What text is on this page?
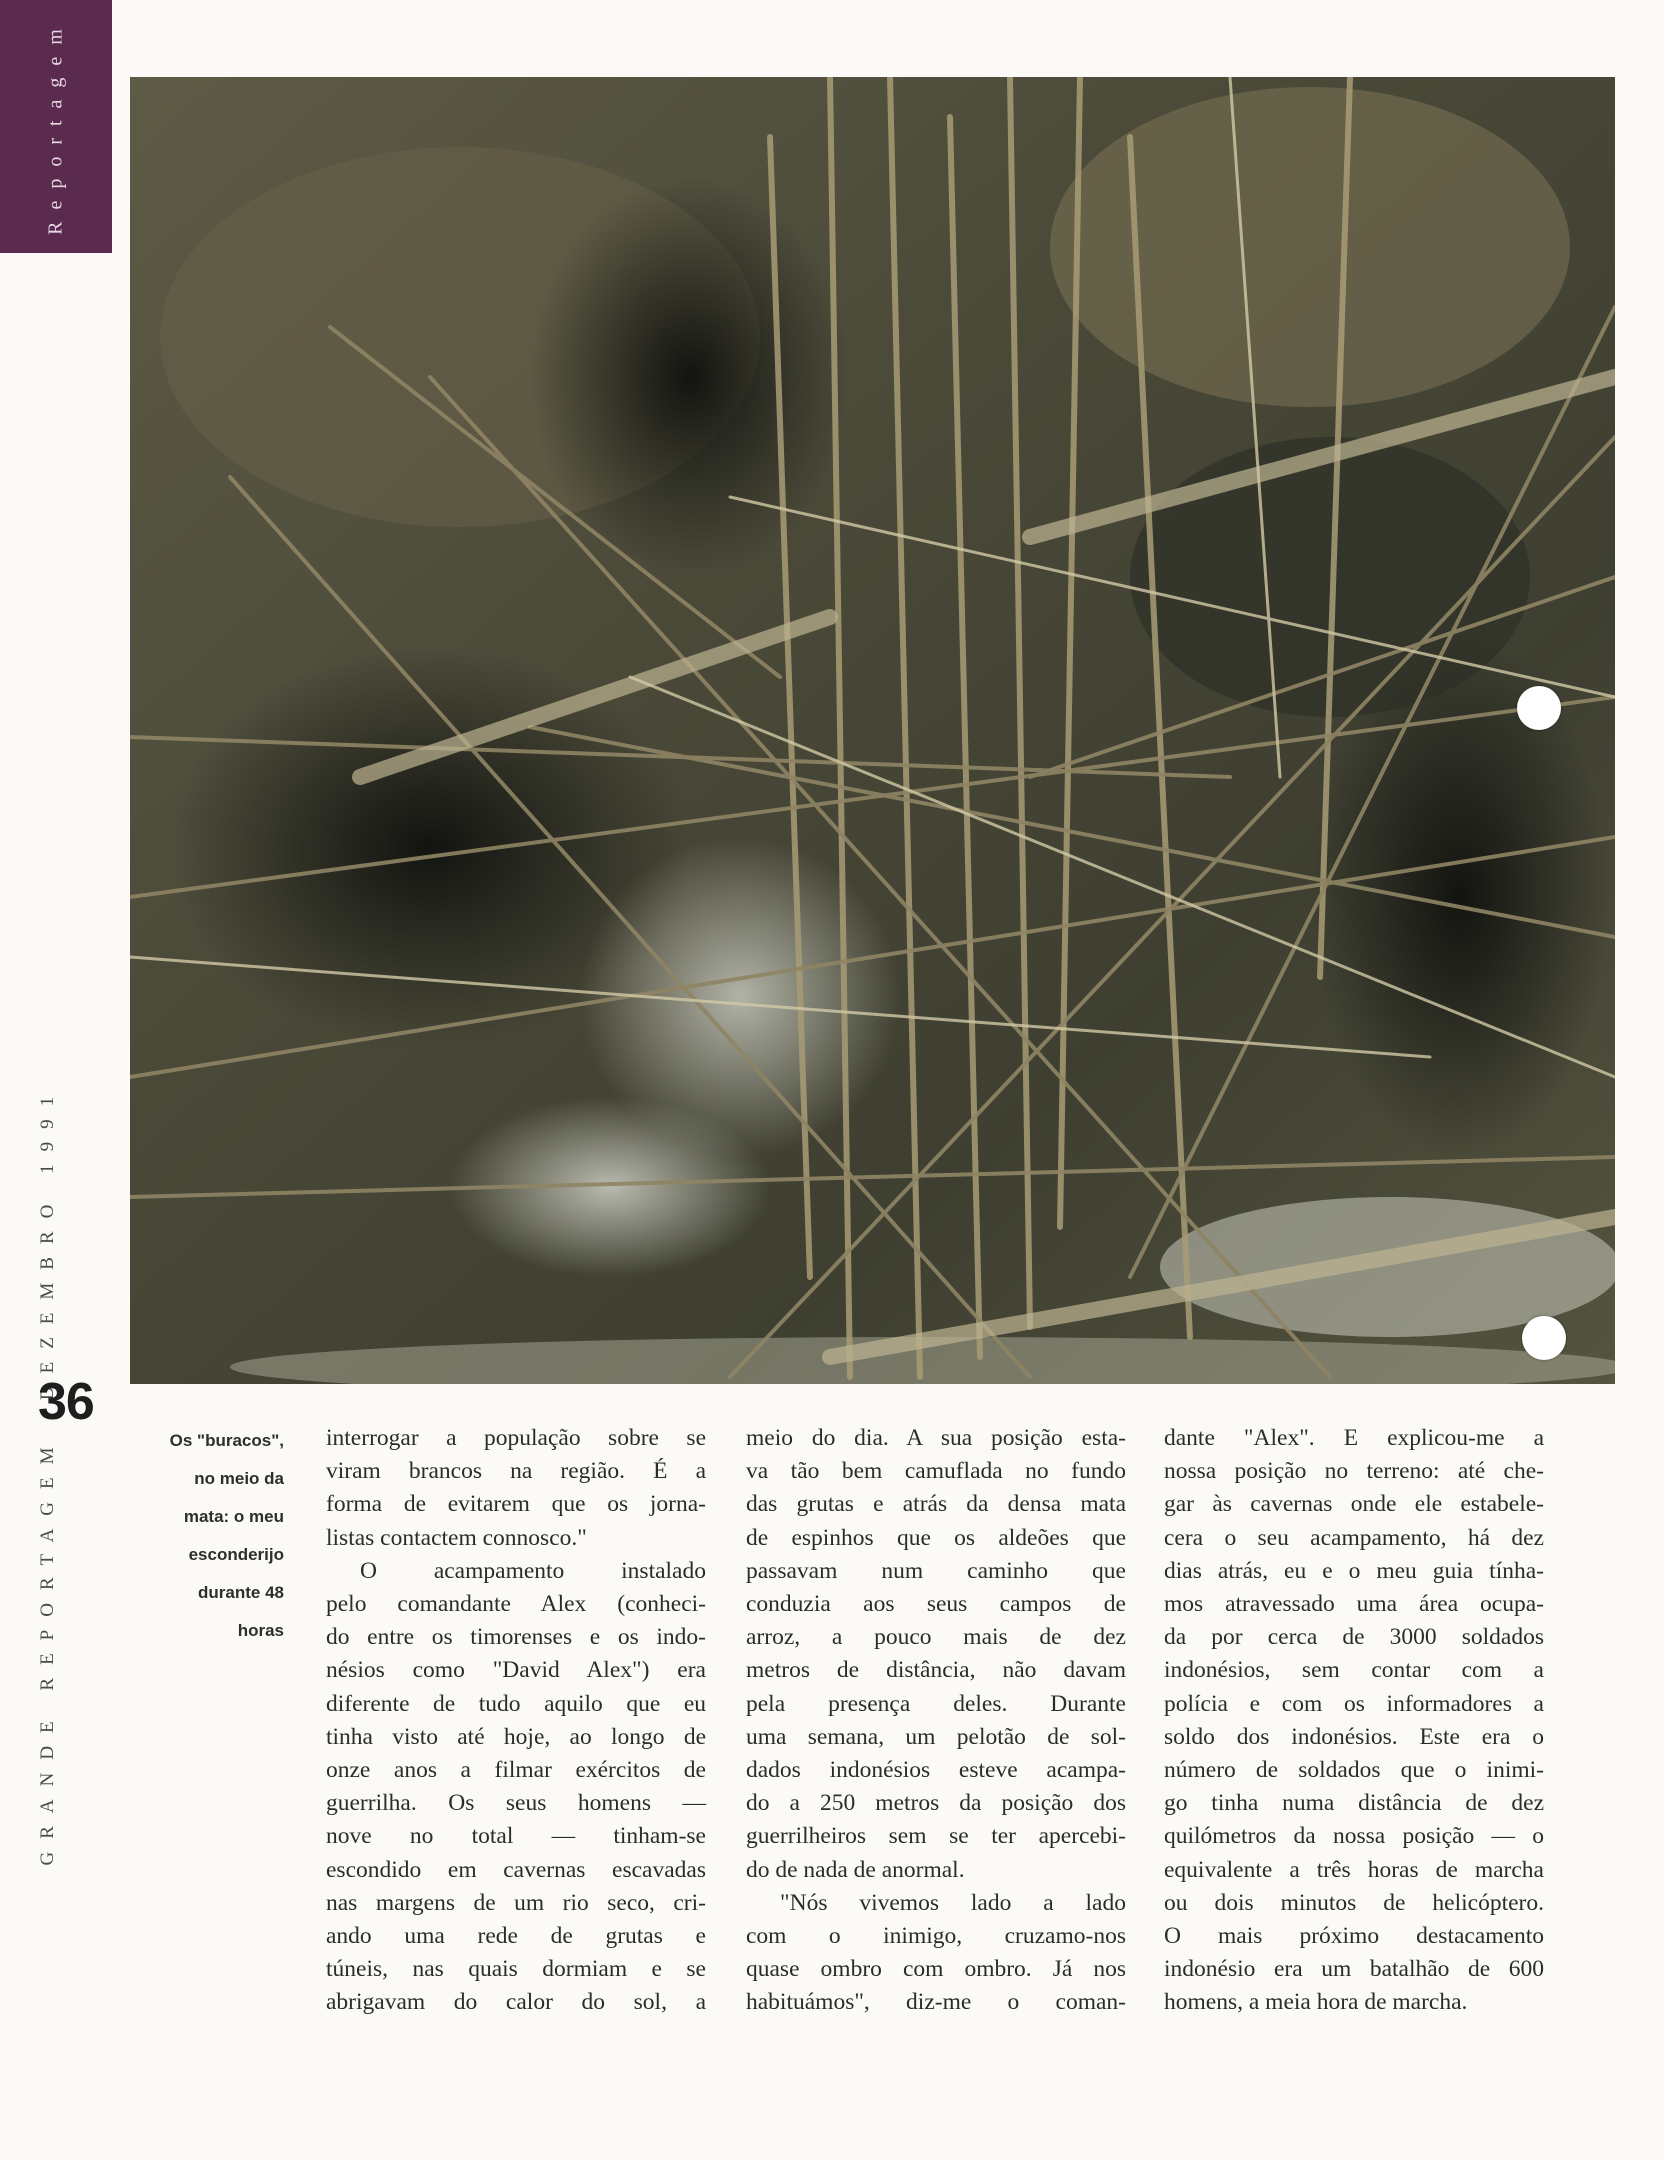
Reportagem
DEZEMBRO 1991
GRANDE REPORTAGEM
36
Os "buracos",
no meio da
mata: o meu
esconderijo
durante 48
horas

interrogar a população sobre se
viram brancos na região. É a
forma de evitarem que os jorna-
listas contactem connosco."

O acampamento instalado
pelo comandante Alex (conheci-
do entre os timorenses e os indo-
nésios como "David Alex") era
diferente de tudo aquilo que eu
tinha visto até hoje, ao longo de
onze anos a filmar exércitos de
guerrilha. Os seus homens —
nove no total — tinham-se
escondido em cavernas escavadas
nas margens de um rio seco, cri-
ando uma rede de grutas e
túneis, nas quais dormiam e se
abrigavam do calor do sol, a

meio do dia. A sua posição esta-
va tão bem camuflada no fundo
das grutas e atrás da densa mata
de espinhos que os aldeões que
passavam num caminho que
conduzia aos seus campos de
arroz, a pouco mais de dez
metros de distância, não davam
pela presença deles. Durante
uma semana, um pelotão de sol-
dados indonésios esteve acampa-
do a 250 metros da posição dos
guerrilheiros sem se ter apercebi-
do de nada de anormal.

"Nós vivemos lado a lado
com o inimigo, cruzamo-nos
quase ombro com ombro. Já nos
habituámos", diz-me o coman-

dante "Alex". E explicou-me a
nossa posição no terreno: até che-
gar às cavernas onde ele estabele-
cera o seu acampamento, há dez
dias atrás, eu e o meu guia tínha-
mos atravessado uma área ocupa-
da por cerca de 3000 soldados
indonésios, sem contar com a
polícia e com os informadores a
soldo dos indonésios. Este era o
número de soldados que o inimi-
go tinha numa distância de dez
quilómetros da nossa posição — o
equivalente a três horas de marcha
ou dois minutos de helicóptero.
O mais próximo destacamento
indonésio era um batalhão de 600
homens, a meia hora de marcha.
